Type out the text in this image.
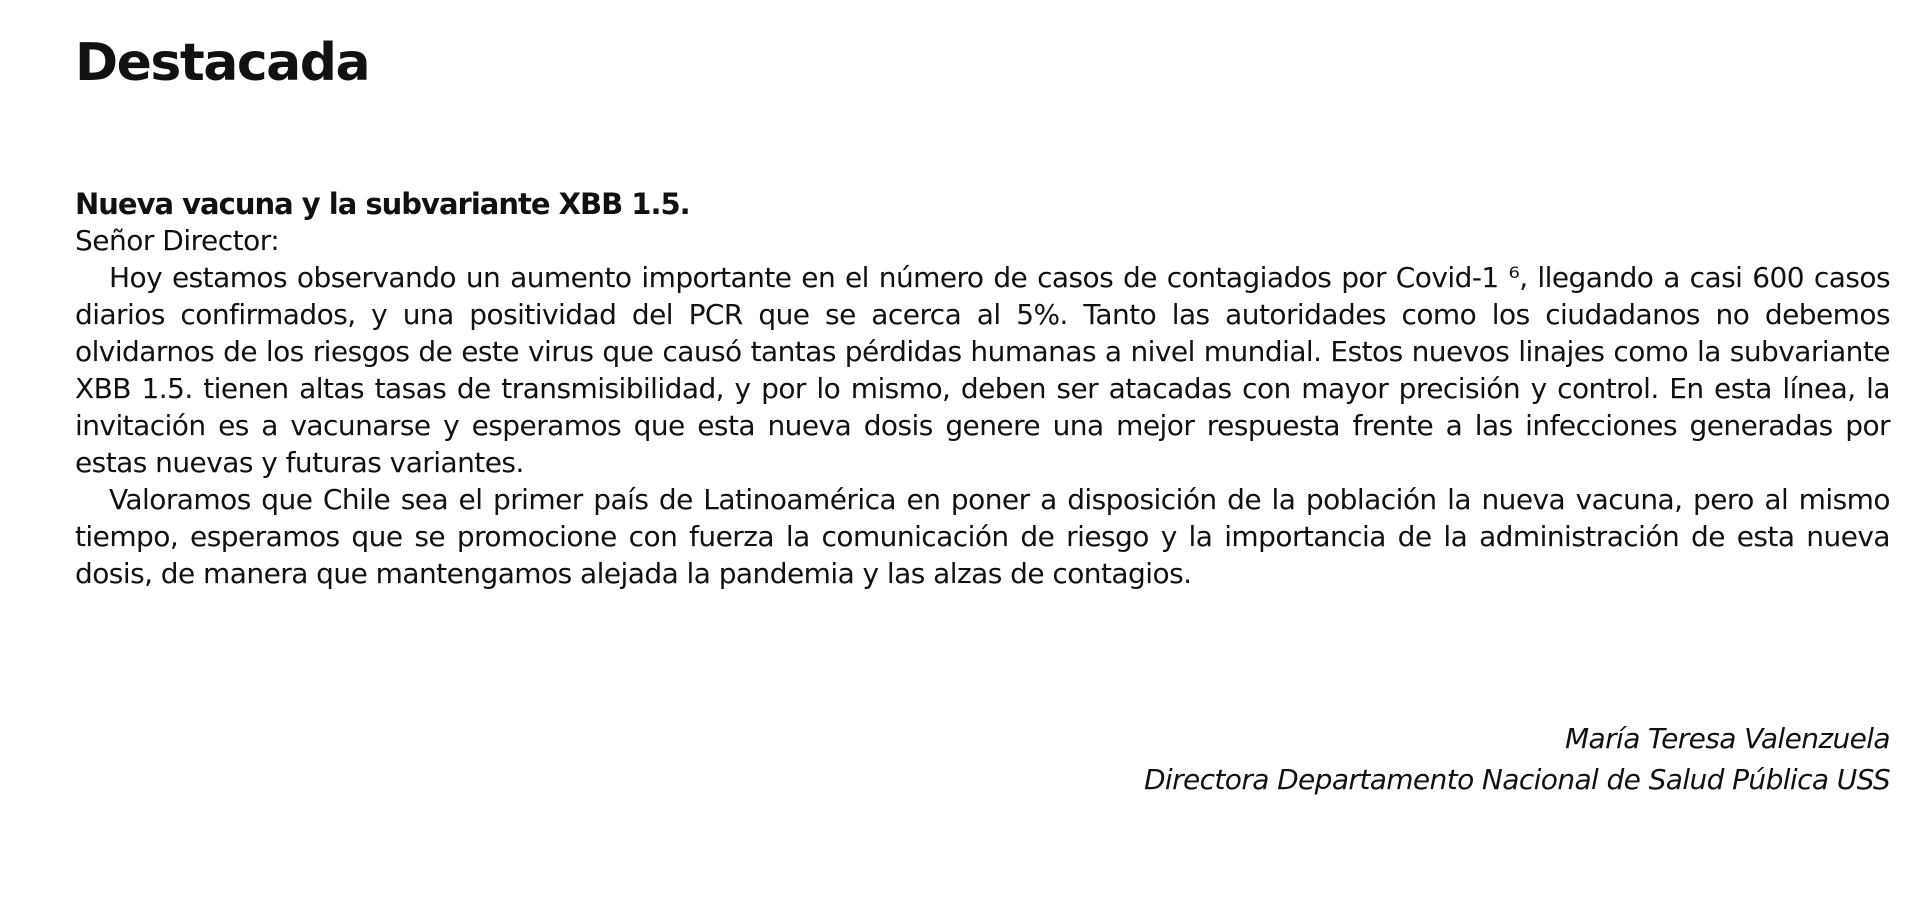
Destacada
Nueva vacuna y la subvariante XBB 1.5.

Señor Director:

Hoy estamos observando un aumento importante en el número de casos de contagiados por Covid-1 ⁶, llegando a casi 600 casos diarios confirmados, y una positividad del PCR que se acerca al 5%. Tanto las autoridades como los ciudadanos no debemos olvidarnos de los riesgos de este virus que causó tantas pérdidas humanas a nivel mundial. Estos nuevos linajes como la subvariante XBB 1.5. tienen altas tasas de transmisibilidad, y por lo mismo, deben ser atacadas con mayor precisión y control. En esta línea, la invitación es a vacunarse y esperamos que esta nueva dosis genere una mejor respuesta frente a las infecciones generadas por estas nuevas y futuras variantes.

Valoramos que Chile sea el primer país de Latinoamérica en poner a disposición de la población la nueva vacuna, pero al mismo tiempo, esperamos que se promocione con fuerza la comunicación de riesgo y la importancia de la administración de esta nueva dosis, de manera que mantengamos alejada la pandemia y las alzas de contagios.

María Teresa Valenzuela
Directora Departamento Nacional de Salud Pública USS
